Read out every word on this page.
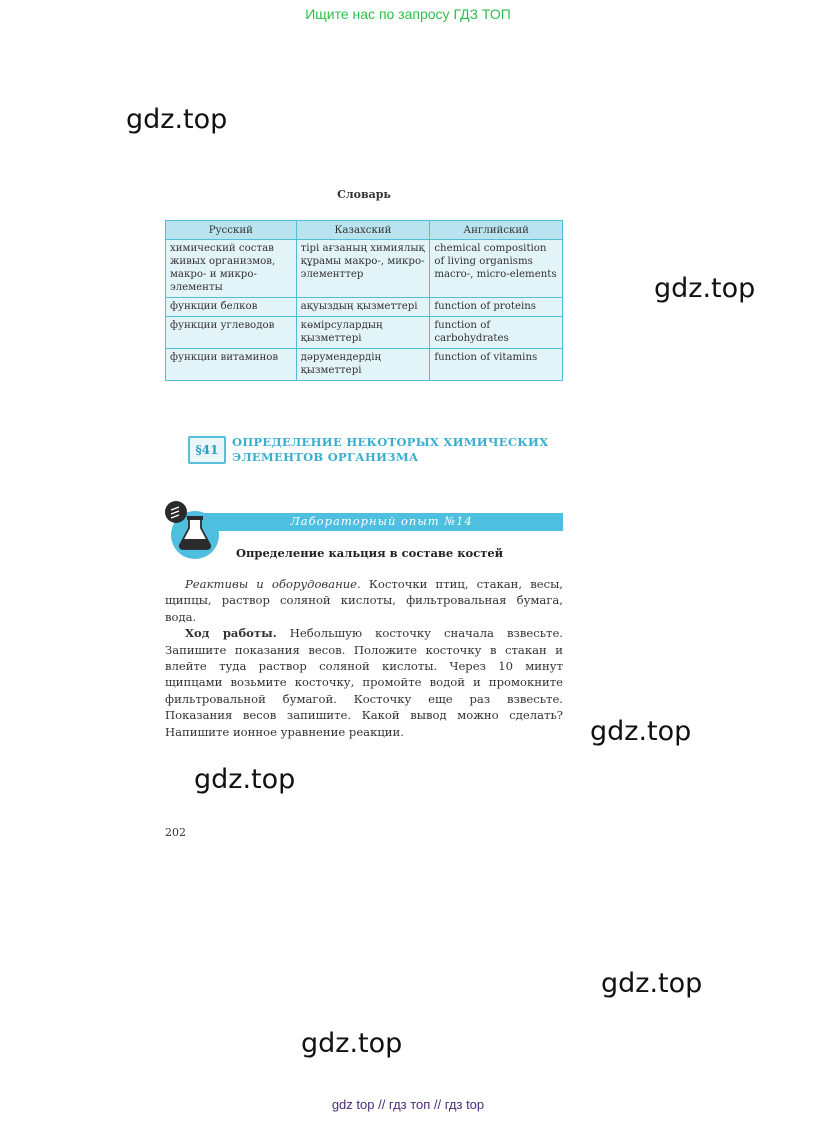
Ищите нас по запросу ГДЗ ТОП
gdz.top
gdz.top
gdz.top
gdz.top
gdz.top
gdz.top
Словарь
Русский	Казахский	Английский
химический состав живых организмов, макро- и микро-элементы	тірі ағзаның химиялық құрамы макро-, микро-элементтер	chemical composition of living organisms macro-, micro-elements
функции белков	ақуыздың қызметтері	function of proteins
функции углеводов	көмірсулардың қызметтері	function of carbohydrates
функции витаминов	дәрумендердің қызметтері	function of vitamins
§41
ОПРЕДЕЛЕНИЕ НЕКОТОРЫХ ХИМИЧЕСКИХ ЭЛЕМЕНТОВ ОРГАНИЗМА
Лабораторный опыт №14
Определение кальция в составе костей

Реактивы и оборудование. Косточки птиц, стакан, весы, щипцы, раствор соляной кислоты, фильтровальная бумага, вода.

Ход работы. Небольшую косточку сначала взвесьте. Запишите показания весов. Положите косточку в стакан и влейте туда раствор соляной кислоты. Через 10 минут щипцами возьмите косточку, промойте водой и промокните фильтровальной бумагой. Косточку еще раз взвесьте. Показания весов запишите. Какой вывод можно сделать? Напишите ионное уравнение реакции.

202
gdz top // гдз топ // гдз top
